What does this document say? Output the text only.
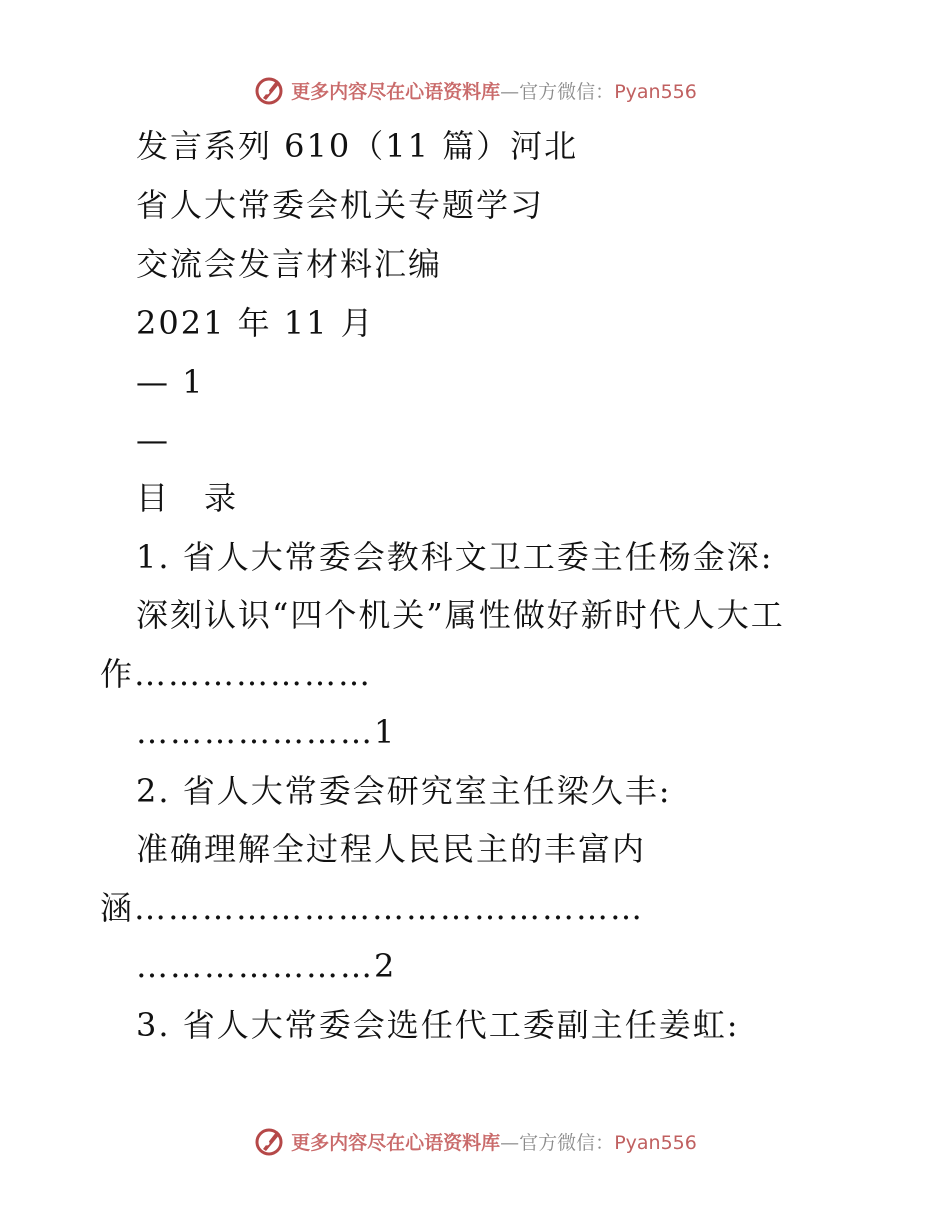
更多内容尽在心语资料库—官方微信：Pyan556
发言系列 610（11 篇）河北
省人大常委会机关专题学习
交流会发言材料汇编
2021 年 11 月
— 1
—
目　录
1. 省人大常委会教科文卫工委主任杨金深:
深刻认识“四个机关”属性做好新时代人大工
作…………………
…………………1
2. 省人大常委会研究室主任梁久丰:
准确理解全过程人民民主的丰富内
涵………………………………………
…………………2
3. 省人大常委会选任代工委副主任姜虹:
更多内容尽在心语资料库—官方微信：Pyan556
